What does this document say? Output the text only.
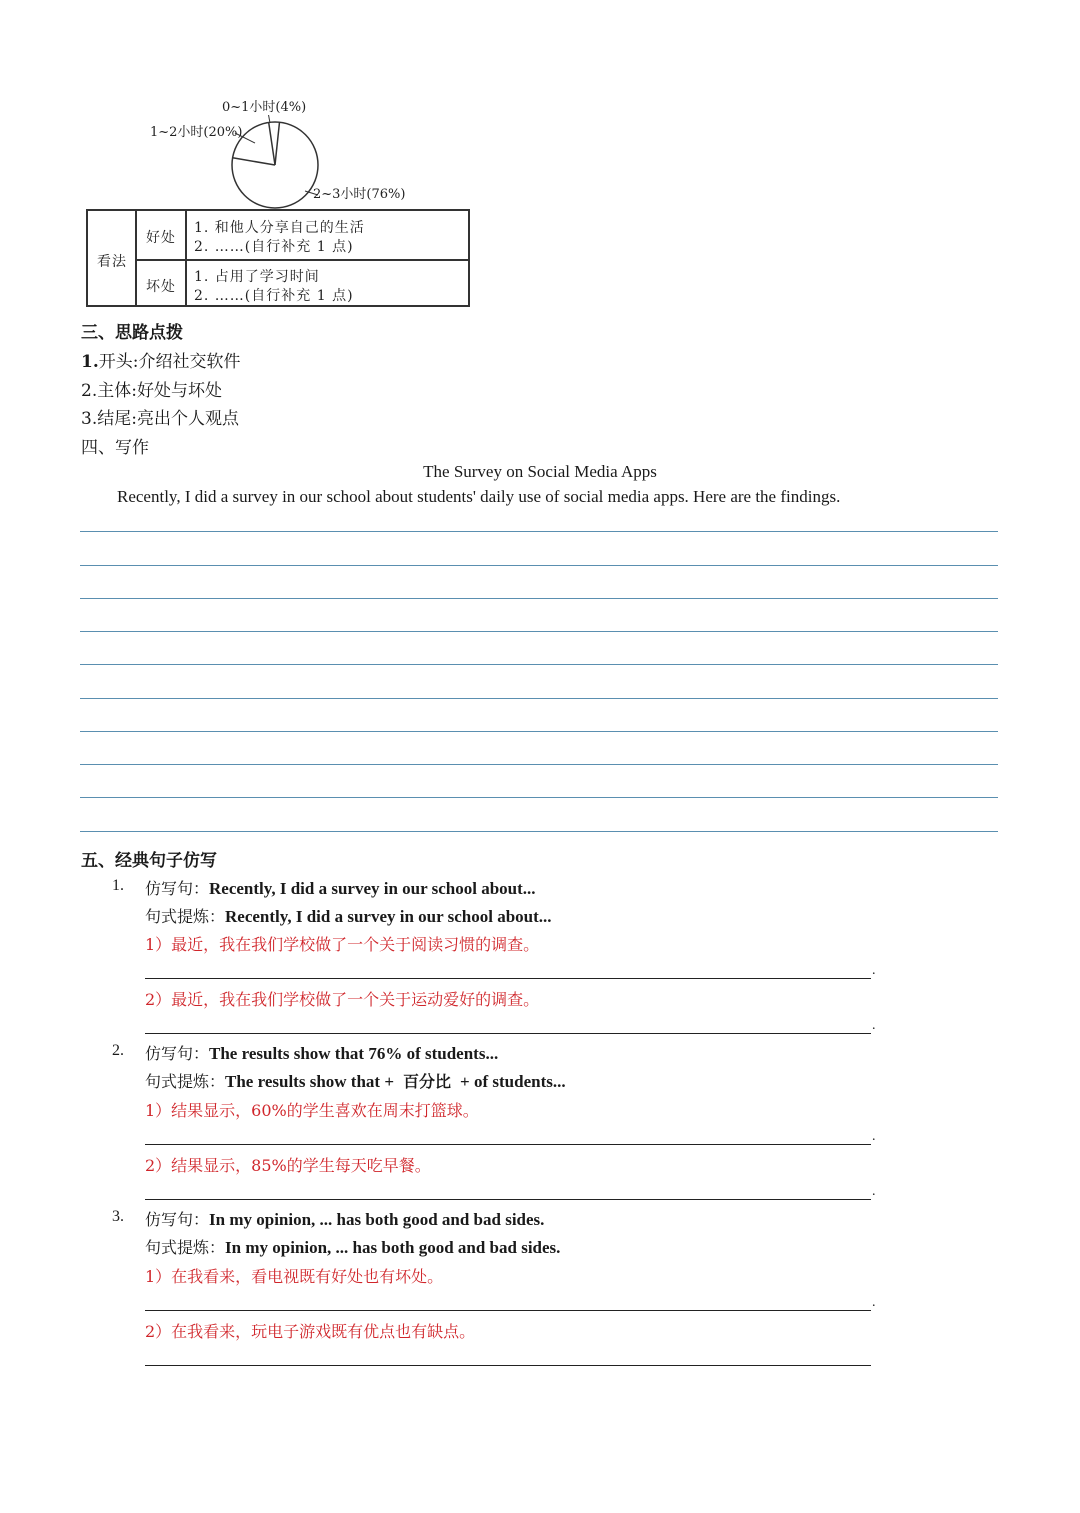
0~1小时(4%)
1~2小时(20%)
2~3小时(76%)
看法
好处
1. 和他人分享自己的生活
2. ……(自行补充 1 点)
坏处
1. 占用了学习时间
2. ……(自行补充 1 点)
三、思路点拨
1.开头:介绍社交软件
2.主体:好处与坏处
3.结尾:亮出个人观点
四、写作
The Survey on Social Media Apps
Recently, I did a survey in our school about students' daily use of social media apps. Here are the findings.
五、经典句子仿写
1. 仿写句：Recently, I did a survey in our school about...
句式提炼：Recently, I did a survey in our school about...
1）最近，我在我们学校做了一个关于阅读习惯的调查。
.
2）最近，我在我们学校做了一个关于运动爱好的调查。
.
2. 仿写句：The results show that 76% of students...
句式提炼：The results show that + 百分比 + of students...
1）结果显示，60%的学生喜欢在周末打篮球。
.
2）结果显示，85%的学生每天吃早餐。
.
3. 仿写句：In my opinion, ... has both good and bad sides.
句式提炼：In my opinion, ... has both good and bad sides.
1）在我看来，看电视既有好处也有坏处。
.
2）在我看来，玩电子游戏既有优点也有缺点。
